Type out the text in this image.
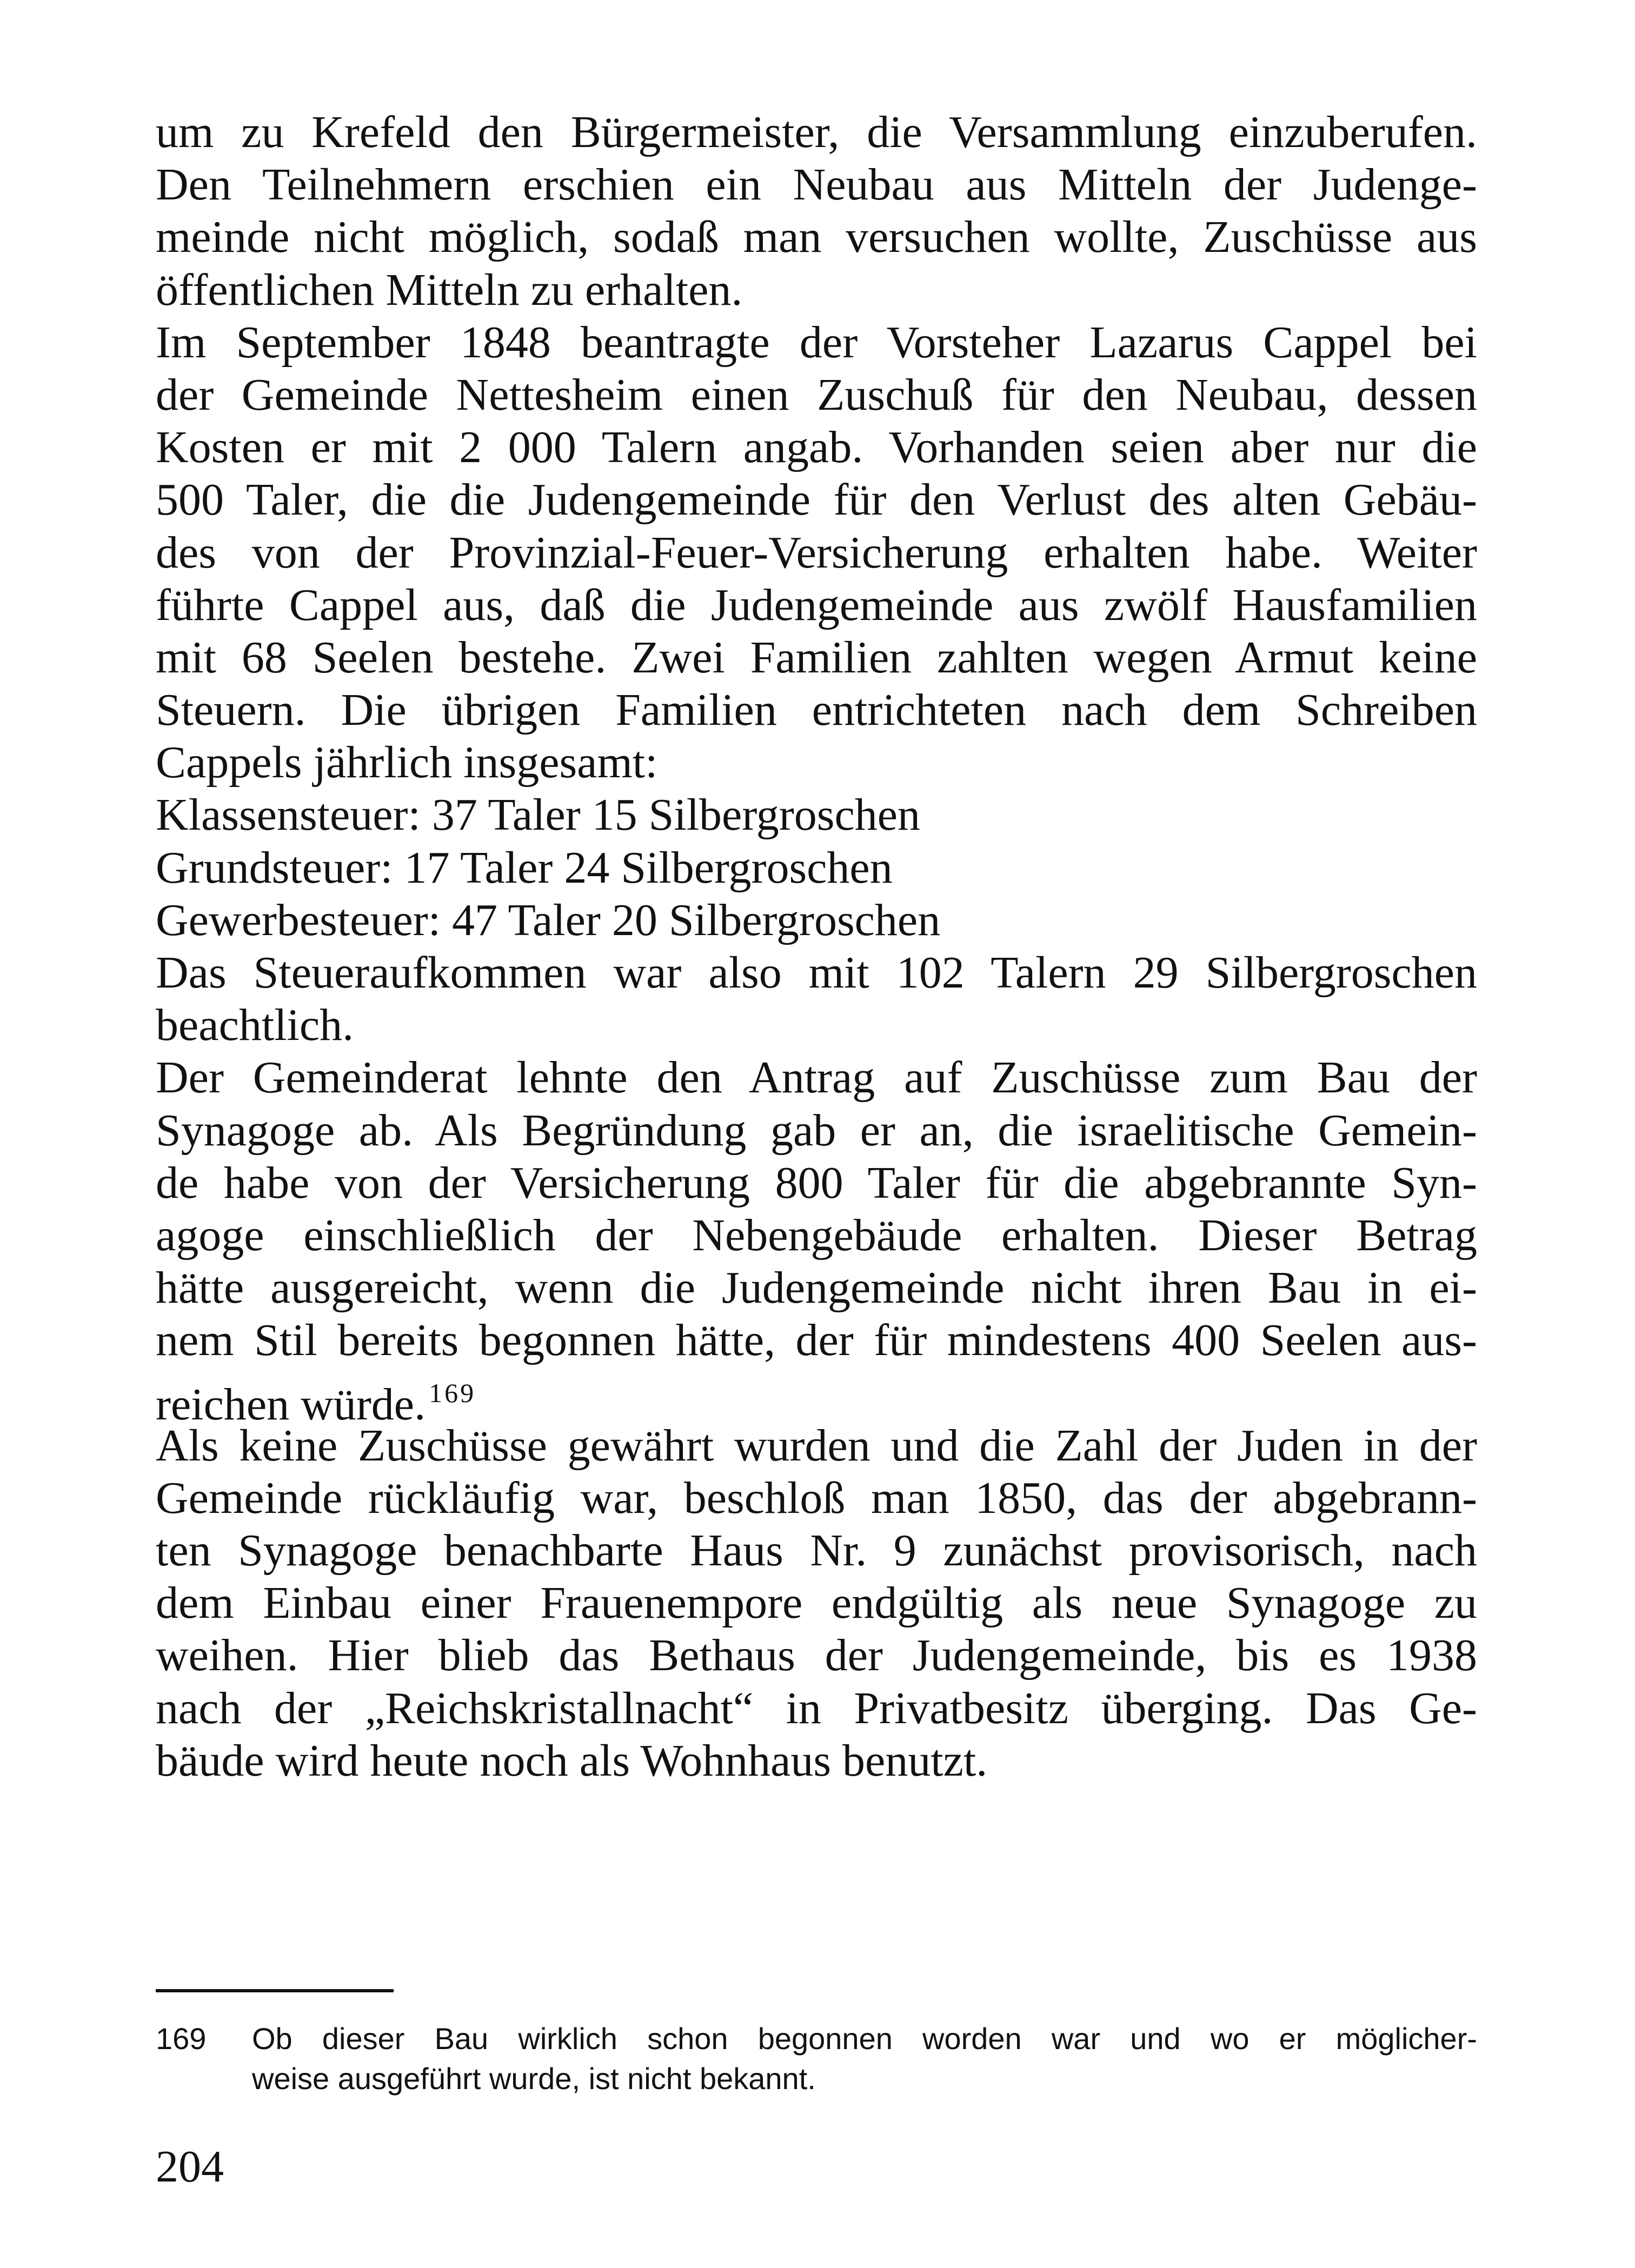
um zu Krefeld den Bürgermeister, die Versammlung einzuberufen.
Den Teilnehmern erschien ein Neubau aus Mitteln der Judenge-
meinde nicht möglich, sodaß man versuchen wollte, Zuschüsse aus
öffentlichen Mitteln zu erhalten.
Im September 1848 beantragte der Vorsteher Lazarus Cappel bei
der Gemeinde Nettesheim einen Zuschuß für den Neubau, dessen
Kosten er mit 2 000 Talern angab. Vorhanden seien aber nur die
500 Taler, die die Judengemeinde für den Verlust des alten Gebäu-
des von der Provinzial-Feuer-Versicherung erhalten habe. Weiter
führte Cappel aus, daß die Judengemeinde aus zwölf Hausfamilien
mit 68 Seelen bestehe. Zwei Familien zahlten wegen Armut keine
Steuern. Die übrigen Familien entrichteten nach dem Schreiben
Cappels jährlich insgesamt:
Klassensteuer: 37 Taler 15 Silbergroschen
Grundsteuer: 17 Taler 24 Silbergroschen
Gewerbesteuer: 47 Taler 20 Silbergroschen
Das Steueraufkommen war also mit 102 Talern 29 Silbergroschen
beachtlich.
Der Gemeinderat lehnte den Antrag auf Zuschüsse zum Bau der
Synagoge ab. Als Begründung gab er an, die israelitische Gemein-
de habe von der Versicherung 800 Taler für die abgebrannte Syn-
agoge einschließlich der Nebengebäude erhalten. Dieser Betrag
hätte ausgereicht, wenn die Judengemeinde nicht ihren Bau in ei-
nem Stil bereits begonnen hätte, der für mindestens 400 Seelen aus-
reichen würde. $^{169}$
Als keine Zuschüsse gewährt wurden und die Zahl der Juden in der
Gemeinde rückläufig war, beschloß man 1850, das der abgebrann-
ten Synagoge benachbarte Haus Nr. 9 zunächst provisorisch, nach
dem Einbau einer Frauenempore endgültig als neue Synagoge zu
weihen. Hier blieb das Bethaus der Judengemeinde, bis es 1938
nach der „Reichskristallnacht“ in Privatbesitz überging. Das Ge-
bäude wird heute noch als Wohnhaus benutzt.
169	Ob dieser Bau wirklich schon begonnen worden war und wo er möglicher-
weise ausgeführt wurde, ist nicht bekannt.
204
